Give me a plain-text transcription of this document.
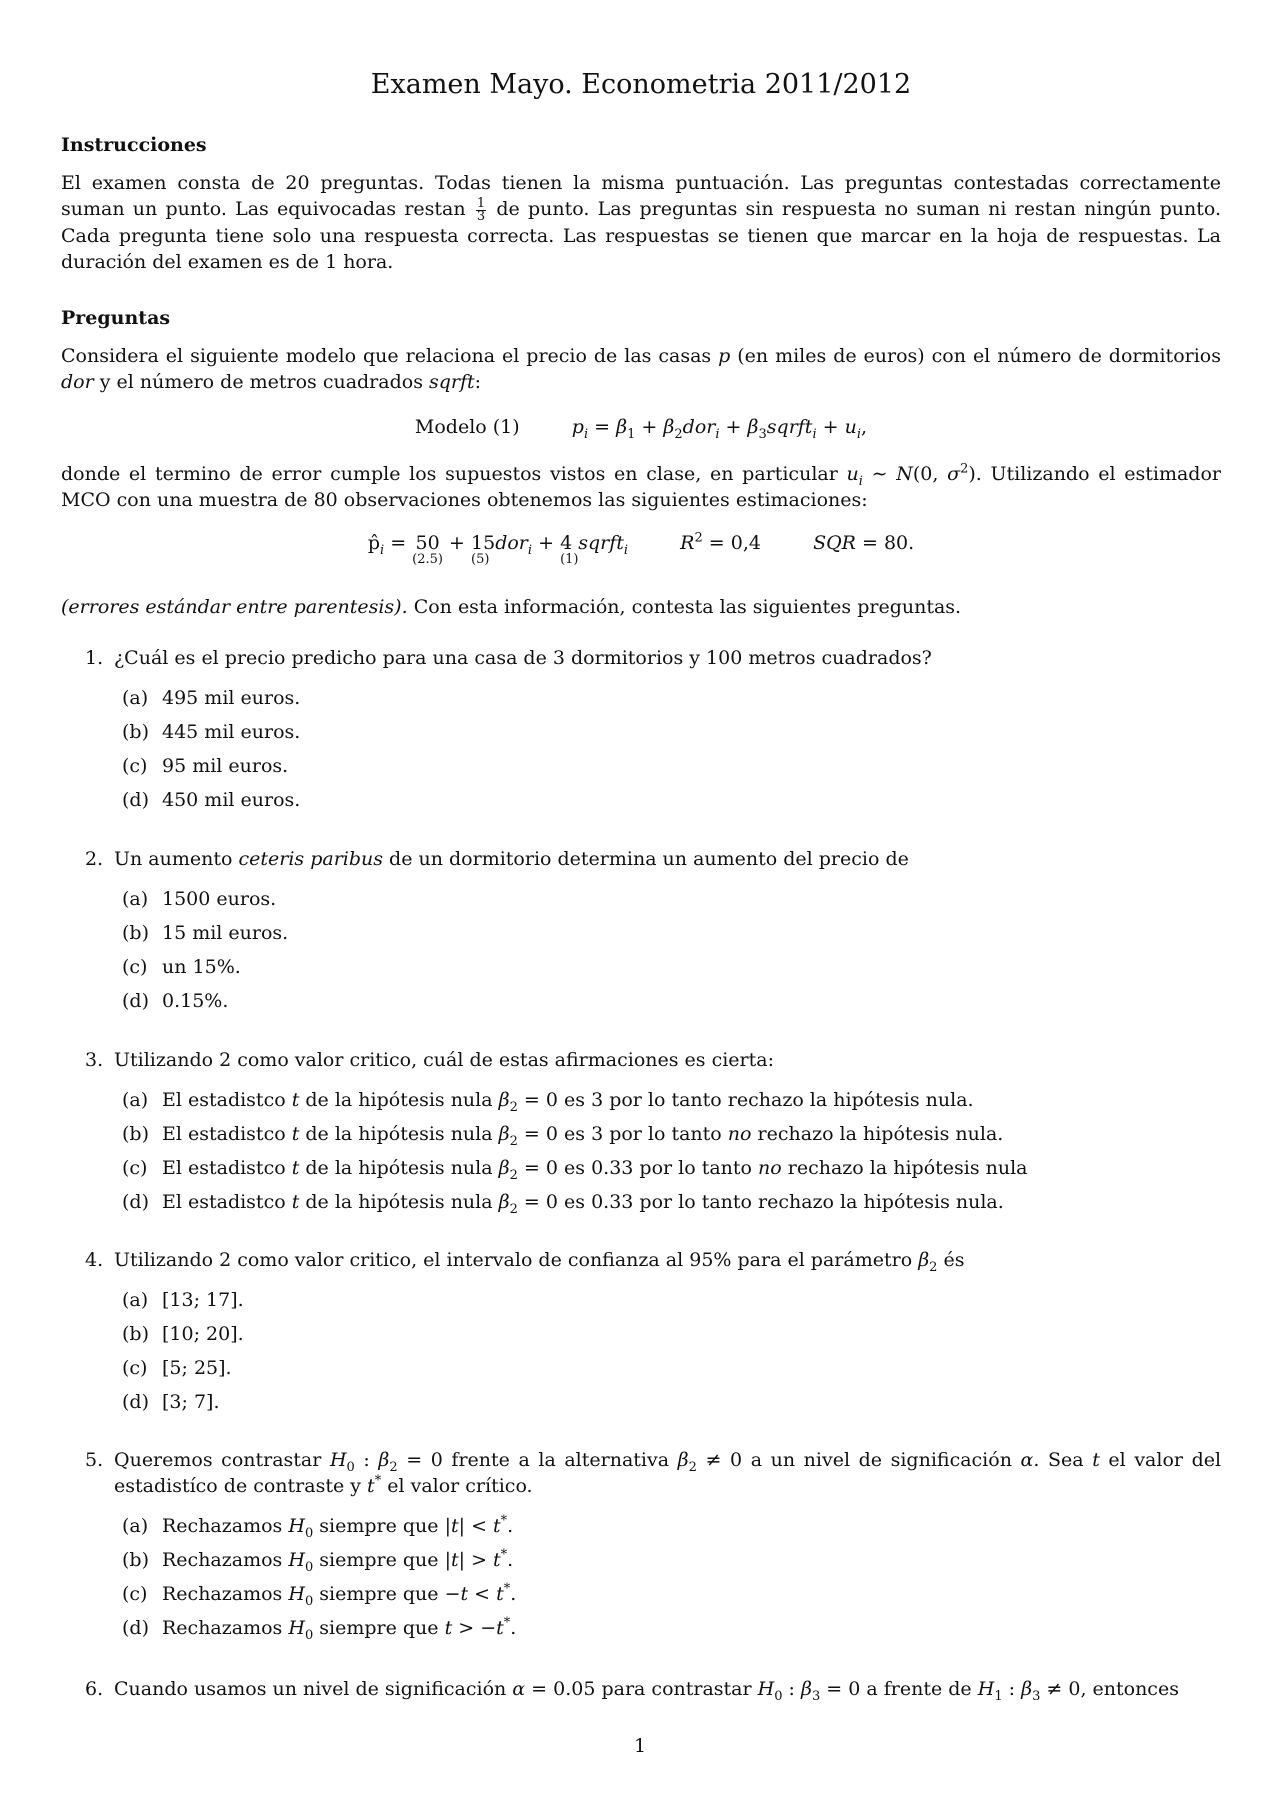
Examen Mayo. Econometria 2011/2012
Instrucciones
El examen consta de 20 preguntas. Todas tienen la misma puntuación. Las preguntas contestadas correctamente suman un punto. Las equivocadas restan $\frac{1}{3}$ de punto. Las preguntas sin respuesta no suman ni restan ningún punto. Cada pregunta tiene solo una respuesta correcta. Las respuestas se tienen que marcar en la hoja de respuestas. La duración del examen es de 1 hora.
Preguntas
Considera el siguiente modelo que relaciona el precio de las casas p (en miles de euros) con el número de dormitorios dor y el número de metros cuadrados sqrft:
Modelo (1)	$p_i = \beta_1 + \beta_2dor_i$ + $\beta_3sqrft_i + u_i$,
donde el termino de error cumple los supuestos vistos en clase, en particular $u_i$ ∼ N(0, $\sigma^2$). Utilizando el estimador MCO con una muestra de 80 observaciones obtenemos las siguientes estimaciones:
$p̂_i = 50$
(2.5)
+ 15dor$_i$
(5)
+ 4 sqrft$_i$
(1)
$R^2 = 0,4$	SQR = 80.
(errores estándar entre parentesis). Con esta información, contesta las siguientes preguntas.
1. ¿Cuál es el precio predicho para una casa de 3 dormitorios y 100 metros cuadrados?
(a) 495 mil euros.
(b) 445 mil euros.
(c) 95 mil euros.
(d) 450 mil euros.
2. Un aumento ceteris paribus de un dormitorio determina un aumento del precio de
(a) 1500 euros.
(b) 15 mil euros.
(c) un 15%.
(d) 0.15%.
3. Utilizando 2 como valor critico, cuál de estas afirmaciones es cierta:
(a) El estadistco t de la hipótesis nula $\beta_2 = 0$ es 3 por lo tanto rechazo la hipótesis nula.
(b) El estadistco t de la hipótesis nula $\beta_2 = 0$ es 3 por lo tanto no rechazo la hipótesis nula.
(c) El estadistco t de la hipótesis nula $\beta_2 = 0$ es 0.33 por lo tanto no rechazo la hipótesis nula
(d) El estadistco t de la hipótesis nula $\beta_2 = 0$ es 0.33 por lo tanto rechazo la hipótesis nula.
4. Utilizando 2 como valor critico, el intervalo de confianza al 95% para el parámetro $\beta_2$ és
(a) [13; 17].
(b) [10; 20].
(c) [5; 25].
(d) [3; 7].
5. Queremos contrastar $H_0$ : $\beta_2 = 0$ frente a la alternativa $\beta_2 \ne 0$ a un nivel de significación α. Sea t el valor del estadistíco de contraste y t* el valor crítico.
(a) Rechazamos $H_0$ siempre que |t| < t*.
(b) Rechazamos $H_0$ siempre que |t| > t*.
(c) Rechazamos $H_0$ siempre que −t < t*.
(d) Rechazamos $H_0$ siempre que t > −t*.
6. Cuando usamos un nivel de significación α = 0.05 para contrastar $H_0$ : $\beta_3 = 0$ a frente de $H_1$ : $\beta_3 \ne 0$, entonces
1
